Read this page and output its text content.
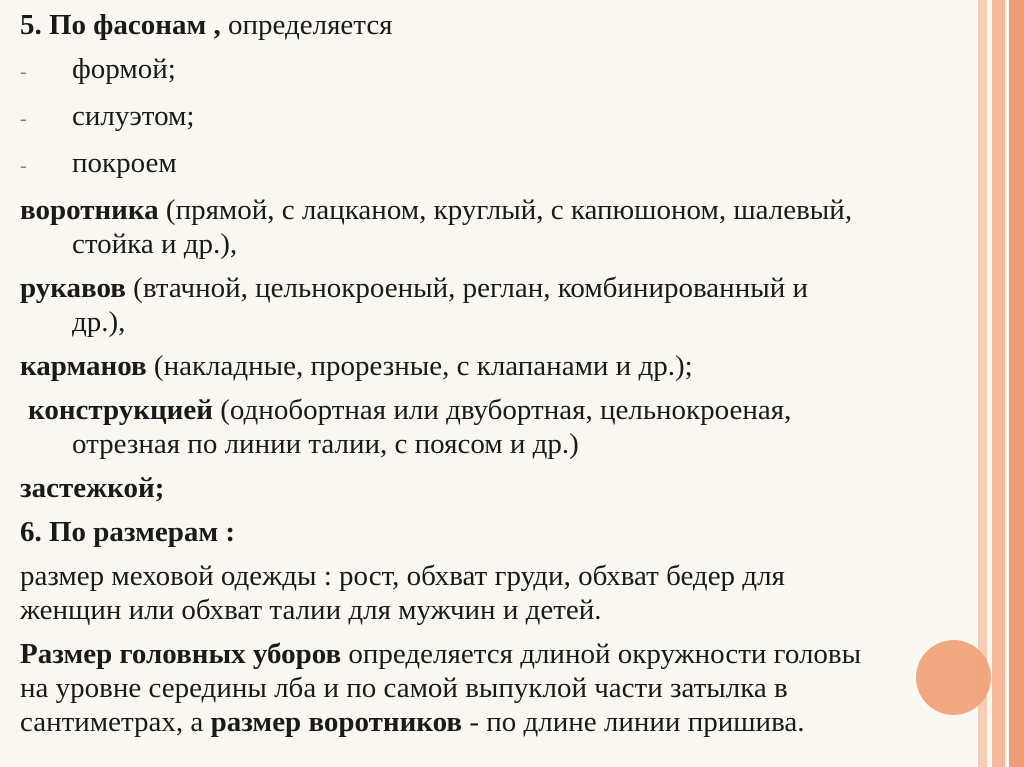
5. По фасонам , определяется
-	формой;
-	силуэтом;
-	покроем
воротника (прямой, с лацканом, круглый, с капюшоном, шалевый,
стойка и др.),
рукавов (втачной, цельнокроеный, реглан, комбинированный и
др.),
карманов (накладные, прорезные, с клапанами и др.);
конструкцией (однобортная или двубортная, цельнокроеная,
отрезная по линии талии, с поясом и др.)
застежкой;
6. По размерам :
размер меховой одежды : рост, обхват груди, обхват бедер для
женщин или обхват талии для мужчин и детей.
Размер головных уборов определяется длиной окружности головы
на уровне середины лба и по самой выпуклой части затылка в
сантиметрах, а размер воротников - по длине линии пришива.
